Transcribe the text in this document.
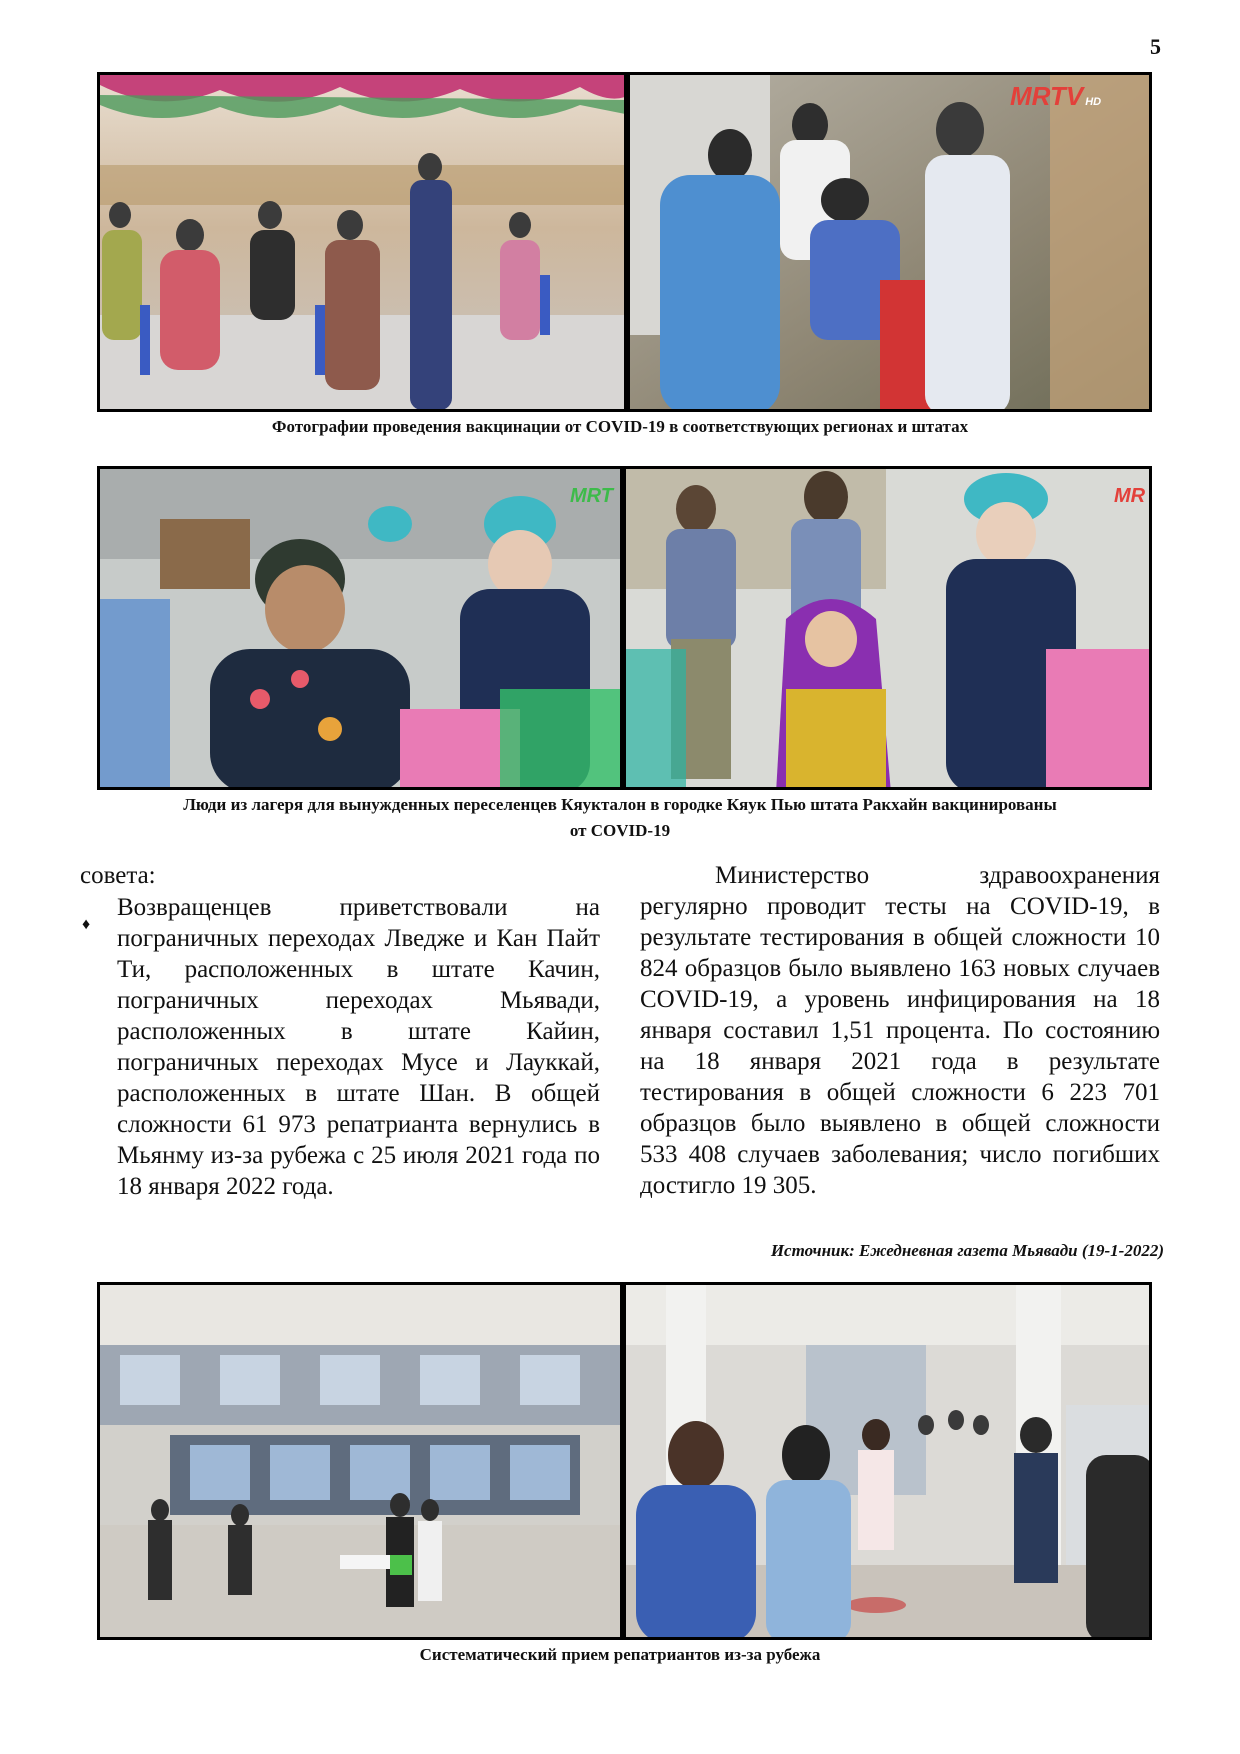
5
MRTV HD
Фотографии проведения вакцинации от COVID-19 в соответствующих регионах и штатах
MRT	MR
Люди из лагеря для вынужденных переселенцев Кяукталон в городке Кяук Пью штата Ракхайн вакцинированы
от COVID-19
совета:
♦
Возвращенцев приветствовали на пограничных переходах Лведже и Кан Пайт Ти, расположенных в штате Качин, пограничных переходах Мьявади, расположенных в штате Кайин, пограничных переходах Мусе и Лауккай, расположенных в штате Шан. В общей сложности 61 973 репатрианта вернулись в Мьянму из-за рубежа с 25 июля 2021 года по 18 января 2022 года.
Министерство здравоохранения регулярно проводит тесты на COVID-19, в результате тестирования в общей сложности 10 824 образцов было выявлено 163 новых случаев COVID-19, а уровень инфицирования на 18 января составил 1,51 процента. По состоянию на 18 января 2021 года в результате тестирования в общей сложности 6 223 701 образцов было выявлено в общей сложности 533 408 случаев заболевания; число погибших достигло 19 305.
Источник: Ежедневная газета Мьявади (19-1-2022)
Систематический прием репатриантов из-за рубежа
